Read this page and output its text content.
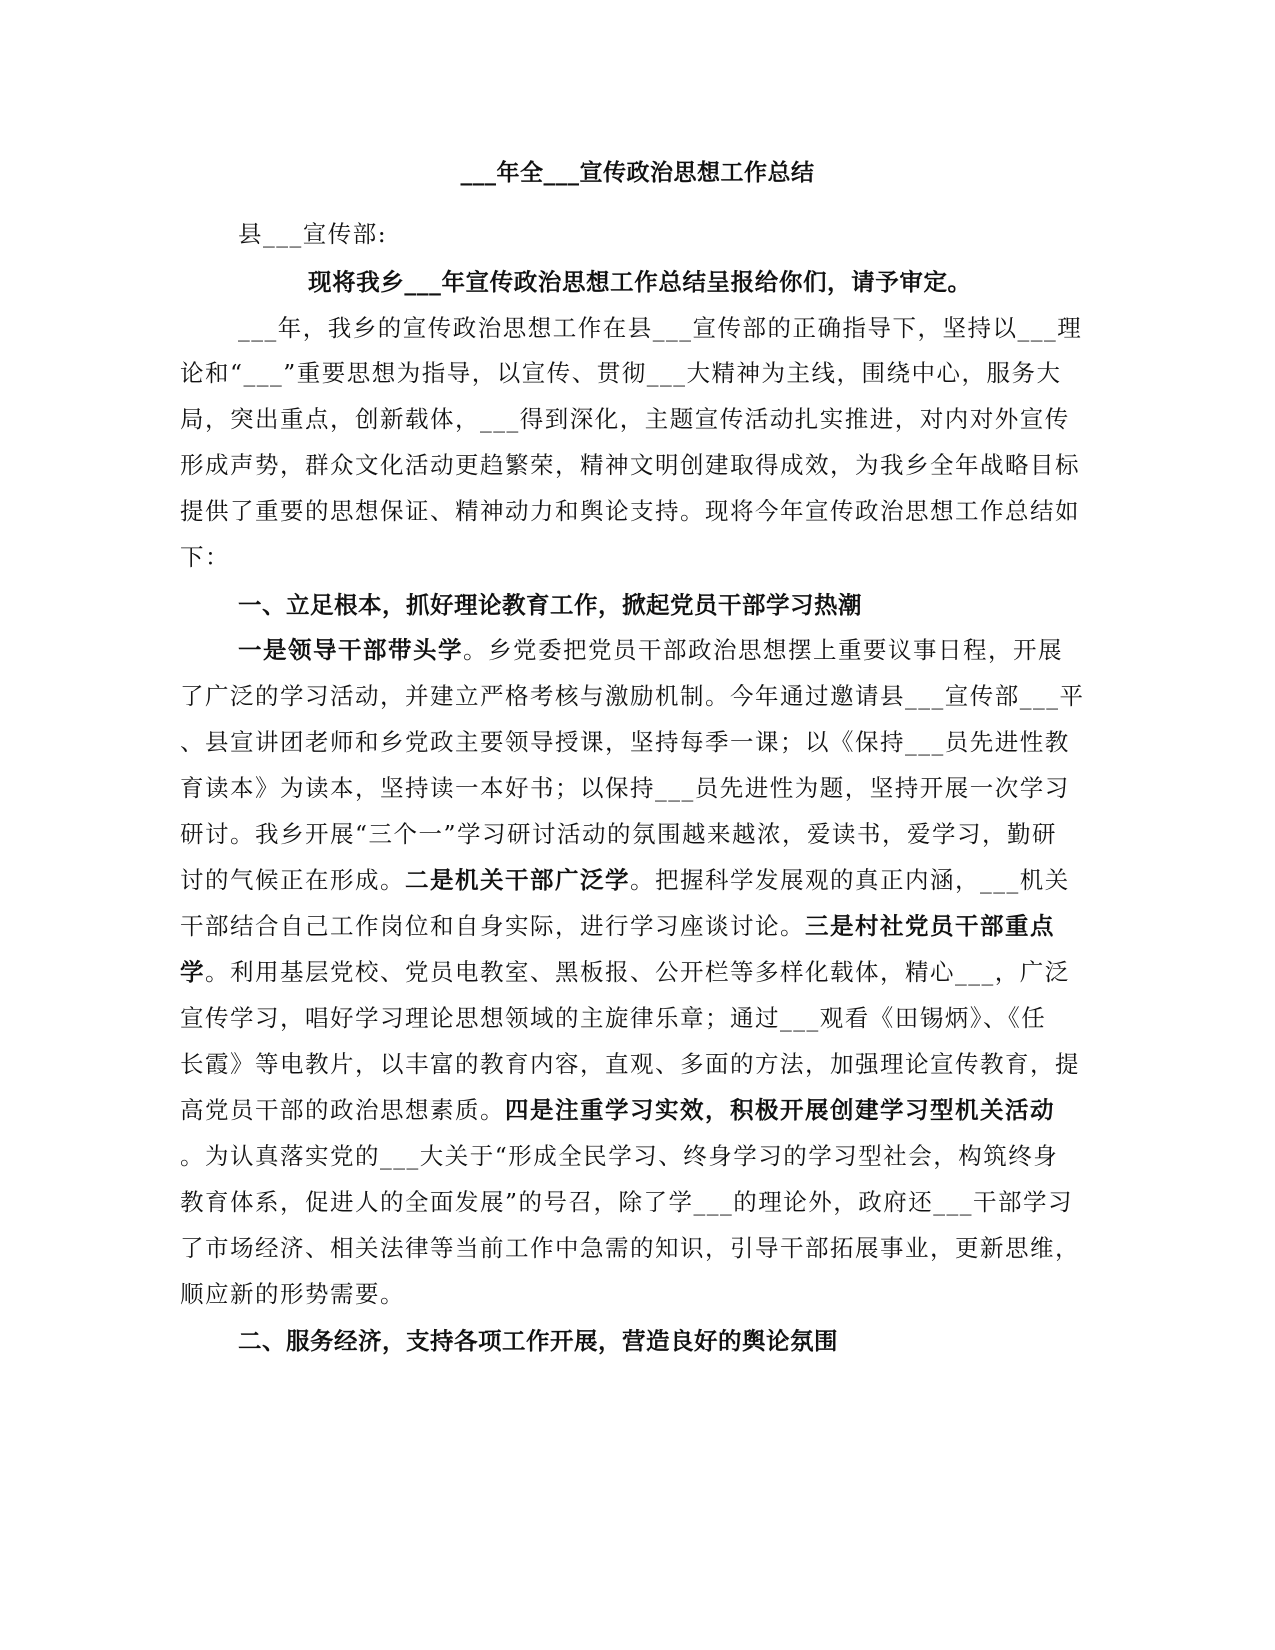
___年全___宣传政治思想工作总结
县___宣传部:
现将我乡___年宣传政治思想工作总结呈报给你们，请予审定。
___年，我乡的宣传政治思想工作在县___宣传部的正确指导下，坚持以___理
论和“___”重要思想为指导，以宣传、贯彻___大精神为主线，围绕中心，服务大
局，突出重点，创新载体，___得到深化，主题宣传活动扎实推进，对内对外宣传
形成声势，群众文化活动更趋繁荣，精神文明创建取得成效，为我乡全年战略目标
提供了重要的思想保证、精神动力和舆论支持。现将今年宣传政治思想工作总结如
下：
一、立足根本，抓好理论教育工作，掀起党员干部学习热潮
一是领导干部带头学。乡党委把党员干部政治思想摆上重要议事日程，开展
了广泛的学习活动，并建立严格考核与激励机制。今年通过邀请县___宣传部___平
、县宣讲团老师和乡党政主要领导授课，坚持每季一课；以《保持___员先进性教
育读本》为读本，坚持读一本好书；以保持___员先进性为题，坚持开展一次学习
研讨。我乡开展“三个一”学习研讨活动的氛围越来越浓，爱读书，爱学习，勤研
讨的气候正在形成。二是机关干部广泛学。把握科学发展观的真正内涵，___机关
干部结合自己工作岗位和自身实际，进行学习座谈讨论。三是村社党员干部重点
学。利用基层党校、党员电教室、黑板报、公开栏等多样化载体，精心___，广泛
宣传学习，唱好学习理论思想领域的主旋律乐章；通过___观看《田锡炳》、《任
长霞》等电教片，以丰富的教育内容，直观、多面的方法，加强理论宣传教育，提
高党员干部的政治思想素质。四是注重学习实效，积极开展创建学习型机关活动
。为认真落实党的___大关于“形成全民学习、终身学习的学习型社会，构筑终身
教育体系，促进人的全面发展”的号召，除了学___的理论外，政府还___干部学习
了市场经济、相关法律等当前工作中急需的知识，引导干部拓展事业，更新思维，
顺应新的形势需要。
二、服务经济，支持各项工作开展，营造良好的舆论氛围
